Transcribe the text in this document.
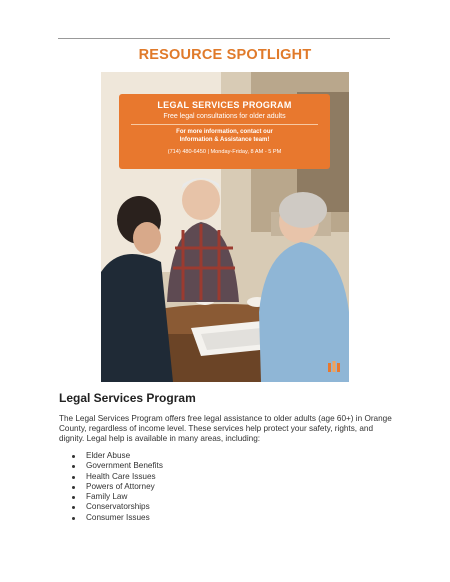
RESOURCE SPOTLIGHT
LEGAL SERVICES PROGRAM
Free legal consultations for older adults
For more information, contact our
Information & Assistance team!
(714) 480-6450 | Monday-Friday, 8 AM - 5 PM
Legal Services Program
The Legal Services Program offers free legal assistance to older adults (age 60+) in Orange County, regardless of income level. These services help protect your safety, rights, and dignity. Legal help is available in many areas, including:
Elder Abuse
Government Benefits
Health Care Issues
Powers of Attorney
Family Law
Conservatorships
Consumer Issues
